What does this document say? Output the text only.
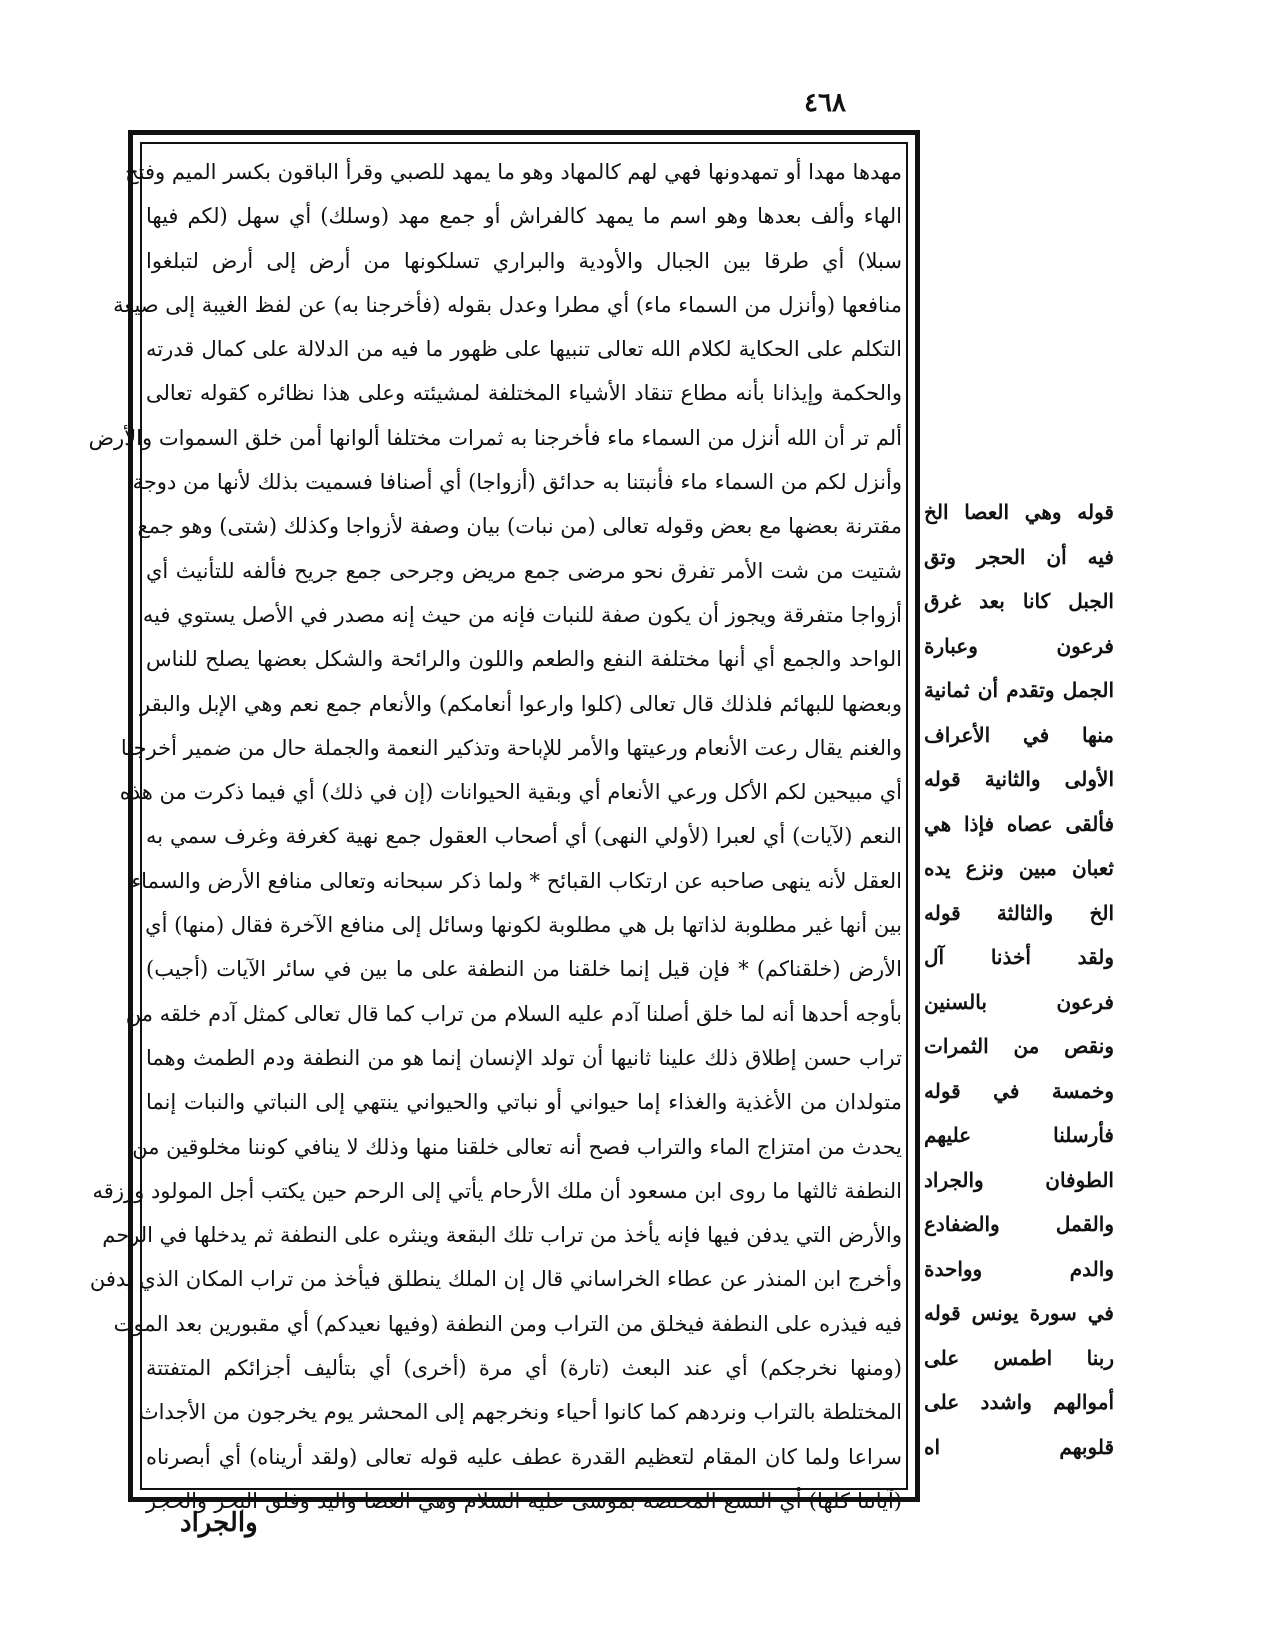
٤٦٨
مهدها مهدا أو تمهدونها فهي لهم كالمهاد وهو ما يمهد للصبي وقرأ الباقون بكسر الميم وفتح
الهاء وألف بعدها وهو اسم ما يمهد كالفراش أو جمع مهد (وسلك) أي سهل (لكم فيها
سبلا) أي طرقا بين الجبال والأودية والبراري تسلكونها من أرض إلى أرض لتبلغوا
منافعها (وأنزل من السماء ماء) أي مطرا وعدل بقوله (فأخرجنا به) عن لفظ الغيبة إلى صيغة
التكلم على الحكاية لكلام الله تعالى تنبيها على ظهور ما فيه من الدلالة على كمال قدرته
والحكمة وإيذانا بأنه مطاع تنقاد الأشياء المختلفة لمشيئته وعلى هذا نظائره كقوله تعالى
ألم تر أن الله أنزل من السماء ماء فأخرجنا به ثمرات مختلفا ألوانها أمن خلق السموات والأرض
وأنزل لكم من السماء ماء فأنبتنا به حدائق (أزواجا) أي أصنافا فسميت بذلك لأنها من دوجة
مقترنة بعضها مع بعض وقوله تعالى (من نبات) بيان وصفة لأزواجا وكذلك (شتى) وهو جمع
شتيت من شت الأمر تفرق نحو مرضى جمع مريض وجرحى جمع جريح فألفه للتأنيث أي
أزواجا متفرقة ويجوز أن يكون صفة للنبات فإنه من حيث إنه مصدر في الأصل يستوي فيه
الواحد والجمع أي أنها مختلفة النفع والطعم واللون والرائحة والشكل بعضها يصلح للناس
وبعضها للبهائم فلذلك قال تعالى (كلوا وارعوا أنعامكم) والأنعام جمع نعم وهي الإبل والبقر
والغنم يقال رعت الأنعام ورعيتها والأمر للإباحة وتذكير النعمة والجملة حال من ضمير أخرجنا
أي مبيحين لكم الأكل ورعي الأنعام أي وبقية الحيوانات (إن في ذلك) أي فيما ذكرت من هذه
النعم (لآيات) أي لعبرا (لأولي النهى) أي أصحاب العقول جمع نهية كغرفة وغرف سمي به
العقل لأنه ينهى صاحبه عن ارتكاب القبائح * ولما ذكر سبحانه وتعالى منافع الأرض والسماء
بين أنها غير مطلوبة لذاتها بل هي مطلوبة لكونها وسائل إلى منافع الآخرة فقال (منها) أي
الأرض (خلقناكم) * فإن قيل إنما خلقنا من النطفة على ما بين في سائر الآيات (أجيب)
بأوجه أحدها أنه لما خلق أصلنا آدم عليه السلام من تراب كما قال تعالى كمثل آدم خلقه من
تراب حسن إطلاق ذلك علينا ثانيها أن تولد الإنسان إنما هو من النطفة ودم الطمث وهما
متولدان من الأغذية والغذاء إما حيواني أو نباتي والحيواني ينتهي إلى النباتي والنبات إنما
يحدث من امتزاج الماء والتراب فصح أنه تعالى خلقنا منها وذلك لا ينافي كوننا مخلوقين من
النطفة ثالثها ما روى ابن مسعود أن ملك الأرحام يأتي إلى الرحم حين يكتب أجل المولود ورزقه
والأرض التي يدفن فيها فإنه يأخذ من تراب تلك البقعة وينثره على النطفة ثم يدخلها في الرحم
وأخرج ابن المنذر عن عطاء الخراساني قال إن الملك ينطلق فيأخذ من تراب المكان الذي يدفن
فيه فيذره على النطفة فيخلق من التراب ومن النطفة (وفيها نعيدكم) أي مقبورين بعد الموت
(ومنها نخرجكم) أي عند البعث (تارة) أي مرة (أخرى) أي بتأليف أجزائكم المتفتتة
المختلطة بالتراب ونردهم كما كانوا أحياء ونخرجهم إلى المحشر يوم يخرجون من الأجداث
سراعا ولما كان المقام لتعظيم القدرة عطف عليه قوله تعالى (ولقد أريناه) أي أبصرناه
(آياتنا كلها) أي التسع المختصة بموسى عليه السلام وهي العصا واليد وفلق البحر والحجر
والجراد
قوله وهي العصا الخ
فيه أن الحجر وتق
الجبل كانا بعد غرق
فرعون وعبارة
الجمل وتقدم أن ثمانية
منها في الأعراف
الأولى والثانية قوله
فألقى عصاه فإذا هي
ثعبان مبين ونزع يده
الخ والثالثة قوله
ولقد أخذنا آل
فرعون بالسنين
ونقص من الثمرات
وخمسة في قوله
فأرسلنا عليهم
الطوفان والجراد
والقمل والضفادع
والدم وواحدة
في سورة يونس قوله
ربنا اطمس على
أموالهم واشدد على
قلوبهم اه
